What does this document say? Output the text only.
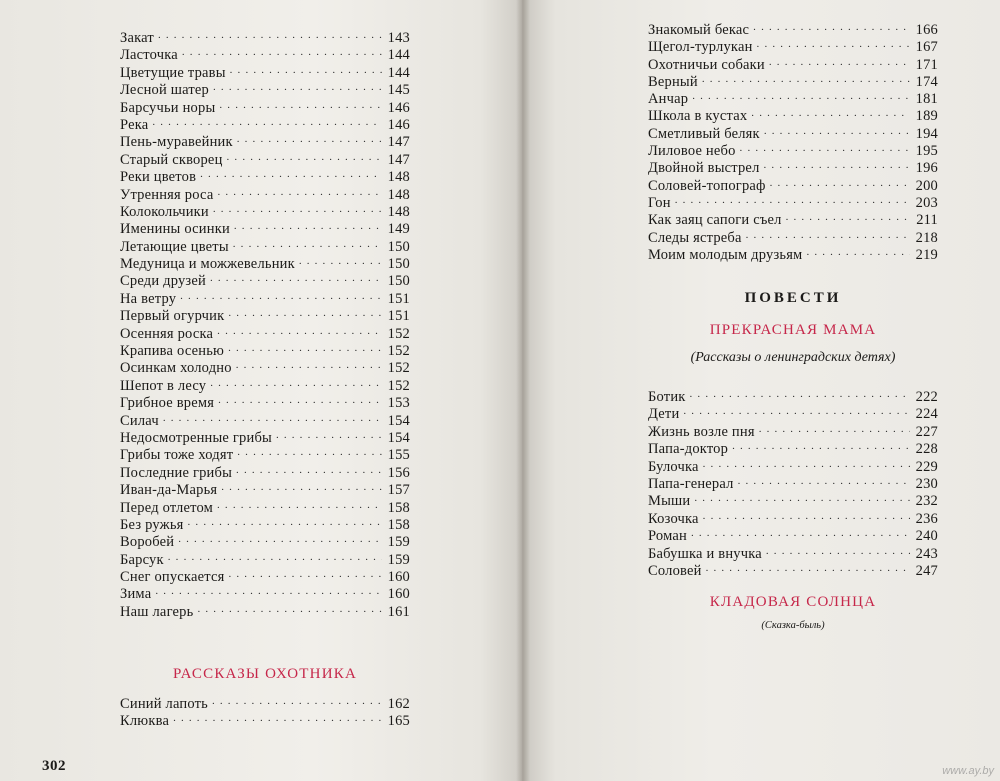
Закат . . .	143
Ласточка . . .	144
Цветущие травы . . .	144
Лесной шатер . . .	145
Барсучьи норы . . .	146
Река . . .	146
Пень-муравейник . . .	147
Старый скворец . . .	147
Реки цветов . . .	148
Утренняя роса . . .	148
Колокольчики . . .	148
Именины осинки . . .	149
Летающие цветы . . .	150
Медуница и можжевельник . . .	150
Среди друзей . . .	150
На ветру . . .	151
Первый огурчик . . .	151
Осенняя роска . . .	152
Крапива осенью . . .	152
Осинкам холодно . . .	152
Шепот в лесу . . .	152
Грибное время . . .	153
Силач . . .	154
Недосмотренные грибы . . .	154
Грибы тоже ходят . . .	155
Последние грибы . . .	156
Иван-да-Марья . . .	157
Перед отлетом . . .	158
Без ружья . . .	158
Воробей . . .	159
Барсук . . .	159
Снег опускается . . .	160
Зима . . .	160
Наш лагерь . . .	161
РАССКАЗЫ ОХОТНИКА
Синий лапоть . . .	162
Клюква . . .	165
302
Знакомый бекас . . .	166
Щегол-турлукан . . .	167
Охотничьи собаки . . .	171
Верный . . .	174
Анчар . . .	181
Школа в кустах . . .	189
Сметливый беляк . . .	194
Лиловое небо . . .	195
Двойной выстрел . . .	196
Соловей-топограф . . .	200
Гон . . .	203
Как заяц сапоги съел . . .	211
Следы ястреба . . .	218
Моим молодым друзьям . . .	219
ПОВЕСТИ
ПРЕКРАСНАЯ МАМА
(Рассказы о ленинградских детях)
Ботик . . .	222
Дети . . .	224
Жизнь возле пня . . .	227
Папа-доктор . . .	228
Булочка . . .	229
Папа-генерал . . .	230
Мыши . . .	232
Козочка . . .	236
Роман . . .	240
Бабушка и внучка . . .	243
Соловей . . .	247
КЛАДОВАЯ СОЛНЦА
(Сказка-быль)
www.ay.by
